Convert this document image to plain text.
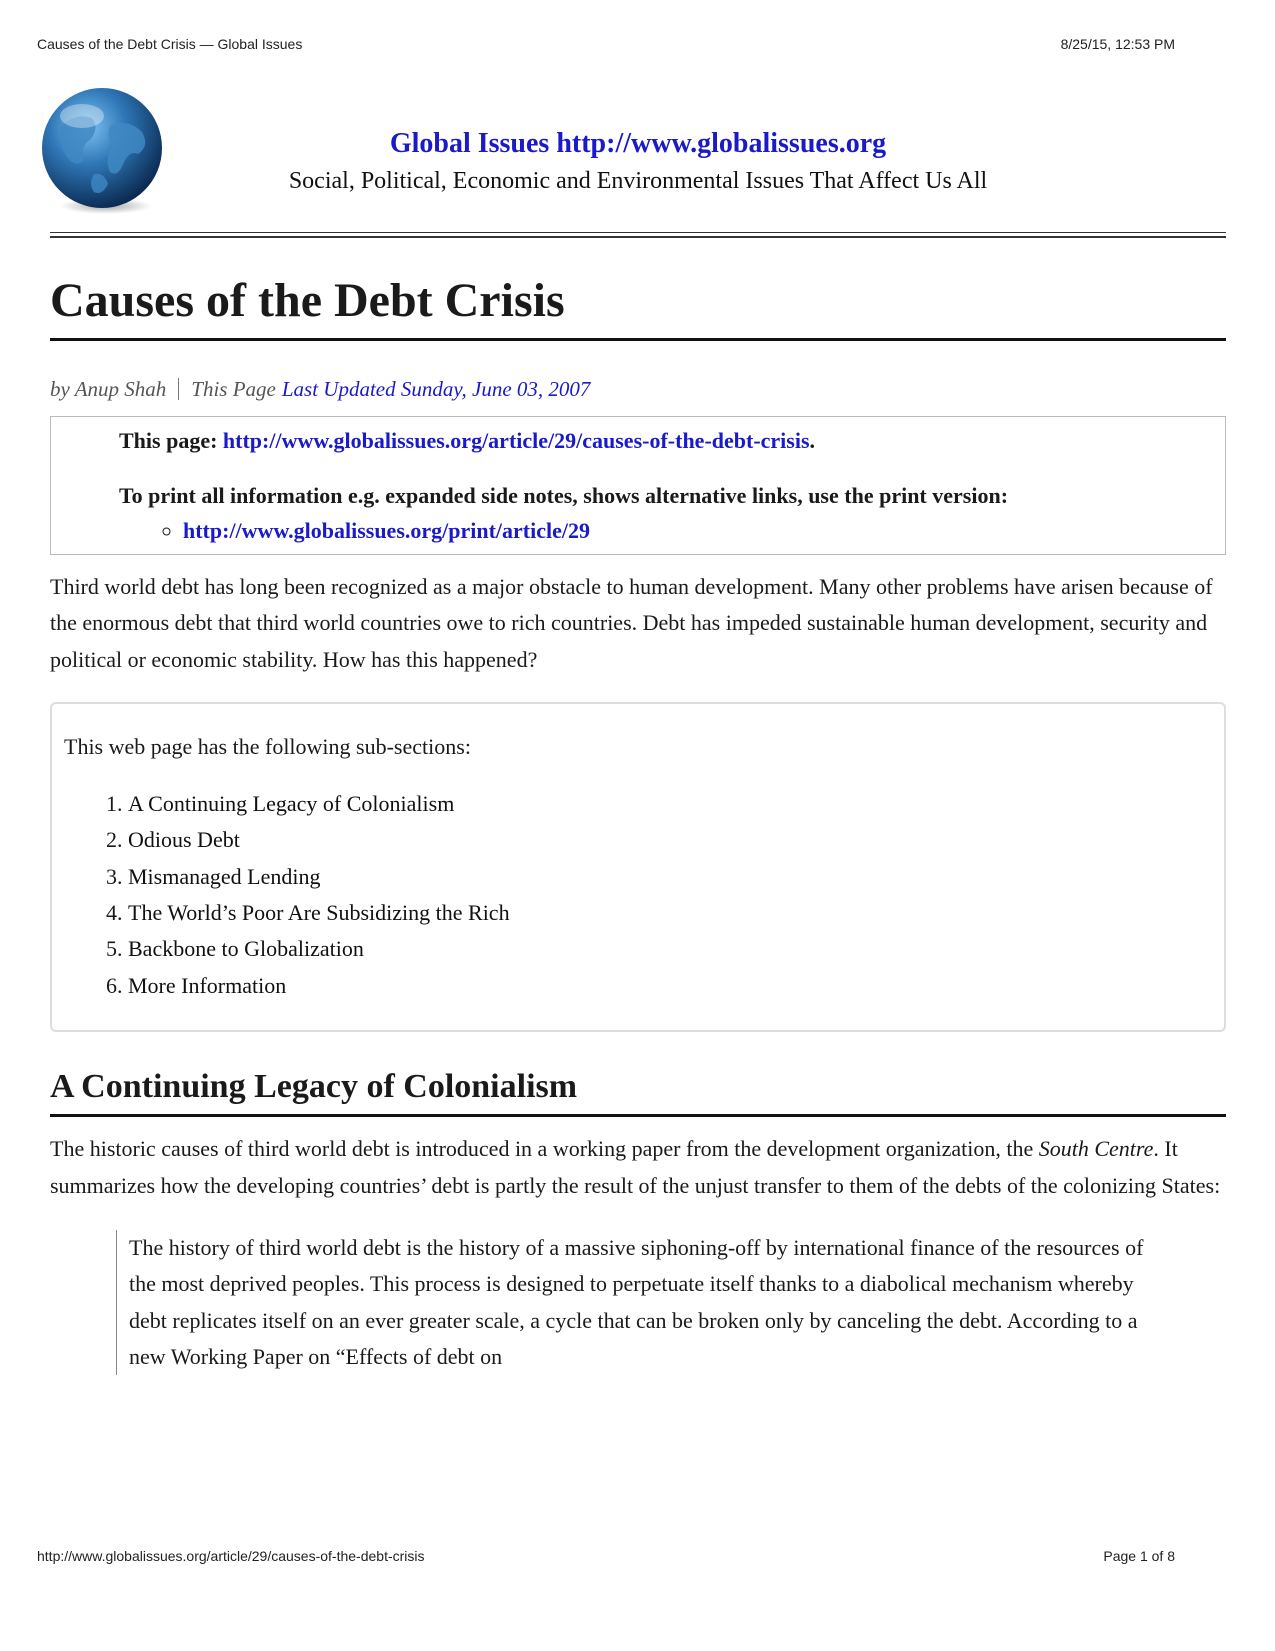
Causes of the Debt Crisis — Global Issues	8/25/15, 12:53 PM
Global Issues http://www.globalissues.org
Social, Political, Economic and Environmental Issues That Affect Us All
Causes of the Debt Crisis
by Anup Shah This Page Last Updated Sunday, June 03, 2007

This page: http://www.globalissues.org/article/29/causes-of-the-debt-crisis.

To print all information e.g. expanded side notes, shows alternative links, use the print version:

◦ http://www.globalissues.org/print/article/29

Third world debt has long been recognized as a major obstacle to human development. Many other problems have arisen because of the enormous debt that third world countries owe to rich countries. Debt has impeded sustainable human development, security and political or economic stability. How has this happened?

This web page has the following sub-sections:

1. A Continuing Legacy of Colonialism
2. Odious Debt
3. Mismanaged Lending
4. The World’s Poor Are Subsidizing the Rich
5. Backbone to Globalization
6. More Information
A Continuing Legacy of Colonialism

The historic causes of third world debt is introduced in a working paper from the development organization, the South Centre. It summarizes how the developing countries’ debt is partly the result of the unjust transfer to them of the debts of the colonizing States:

The history of third world debt is the history of a massive siphoning-off by international finance of the resources of the most deprived peoples. This process is designed to perpetuate itself thanks to a diabolical mechanism whereby debt replicates itself on an ever greater scale, a cycle that can be broken only by canceling the debt. According to a new Working Paper on “Effects of debt on

http://www.globalissues.org/article/29/causes-of-the-debt-crisis	Page 1 of 8
